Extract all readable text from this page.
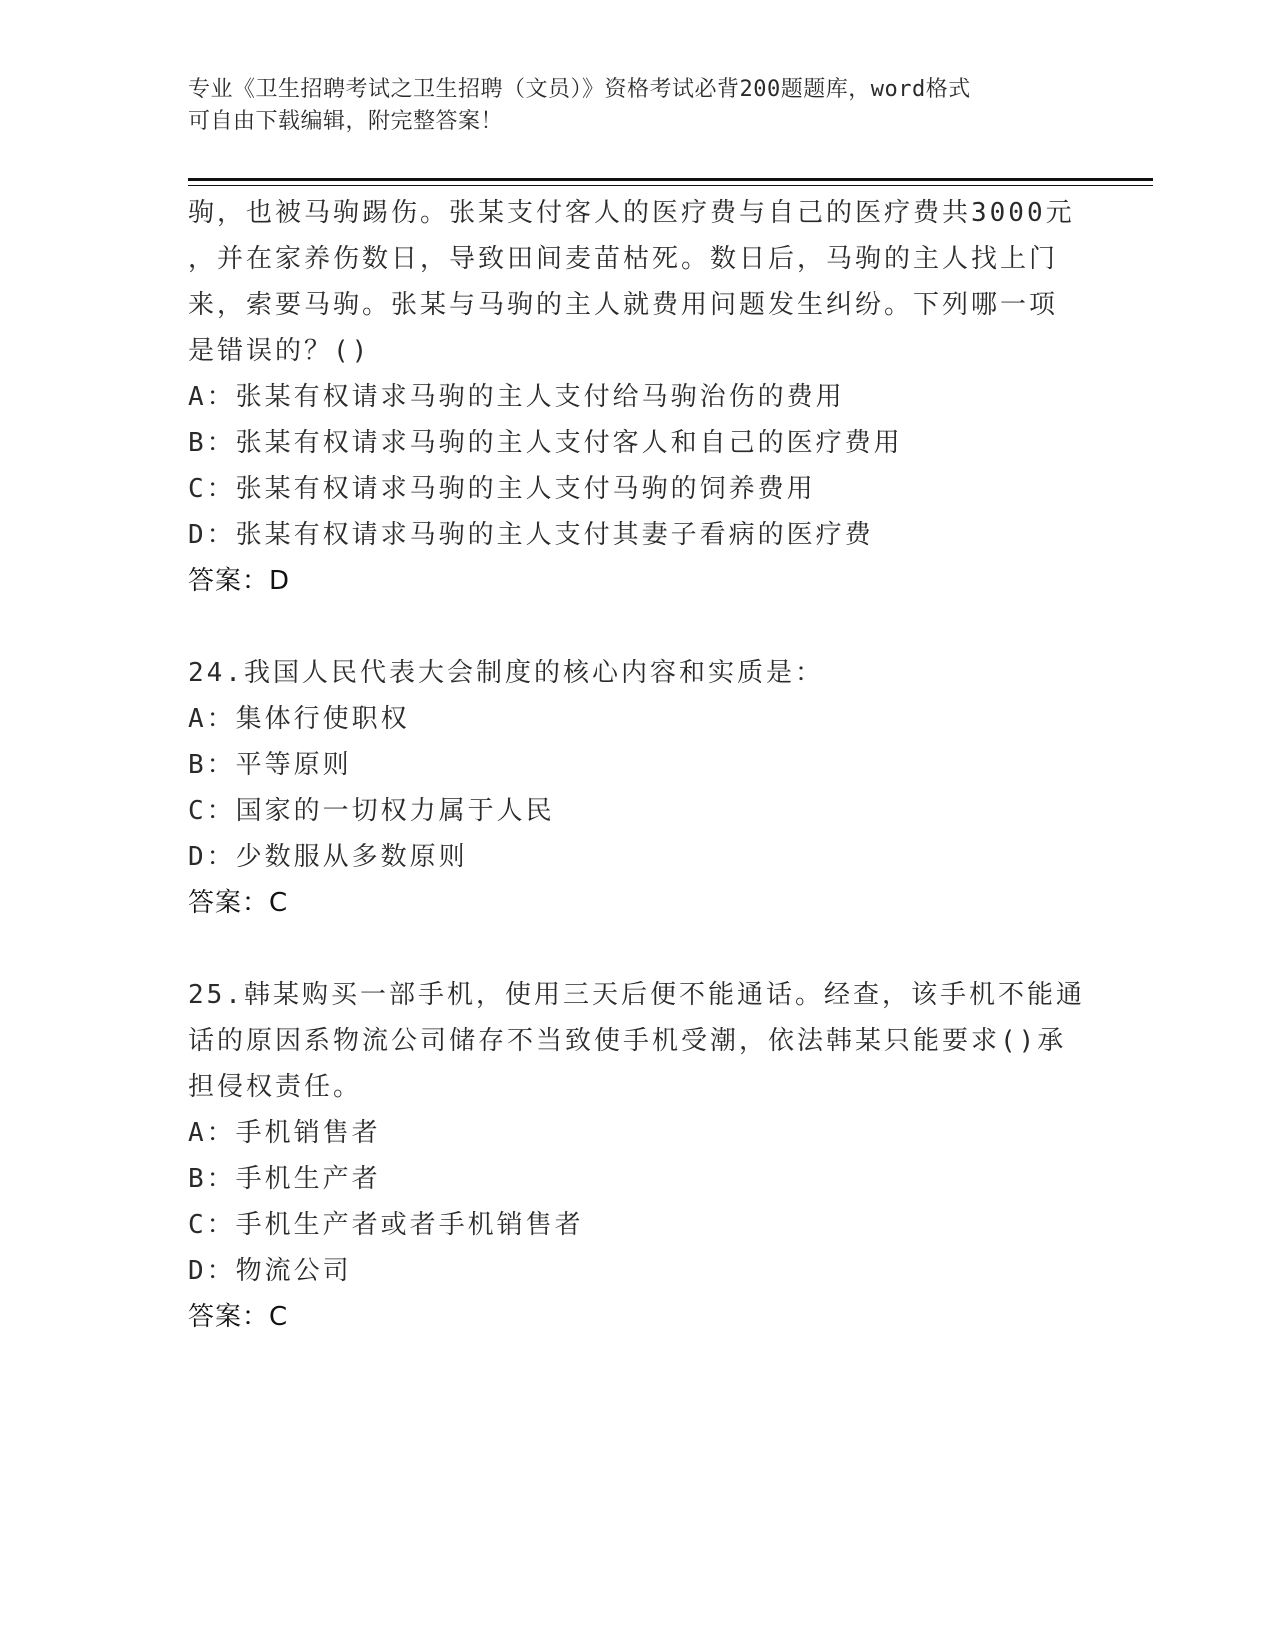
专业《卫生招聘考试之卫生招聘（文员）》资格考试必背200题题库，word格式
可自由下载编辑，附完整答案！
驹，也被马驹踢伤。张某支付客人的医疗费与自己的医疗费共3000元
，并在家养伤数日，导致田间麦苗枯死。数日后，马驹的主人找上门
来，索要马驹。张某与马驹的主人就费用问题发生纠纷。下列哪一项
是错误的？()
A：张某有权请求马驹的主人支付给马驹治伤的费用
B：张某有权请求马驹的主人支付客人和自己的医疗费用
C：张某有权请求马驹的主人支付马驹的饲养费用
D：张某有权请求马驹的主人支付其妻子看病的医疗费
答案：D
24.我国人民代表大会制度的核心内容和实质是：
A：集体行使职权
B：平等原则
C：国家的一切权力属于人民
D：少数服从多数原则
答案：C
25.韩某购买一部手机，使用三天后便不能通话。经查，该手机不能通
话的原因系物流公司储存不当致使手机受潮，依法韩某只能要求()承
担侵权责任。
A：手机销售者
B：手机生产者
C：手机生产者或者手机销售者
D：物流公司
答案：C
